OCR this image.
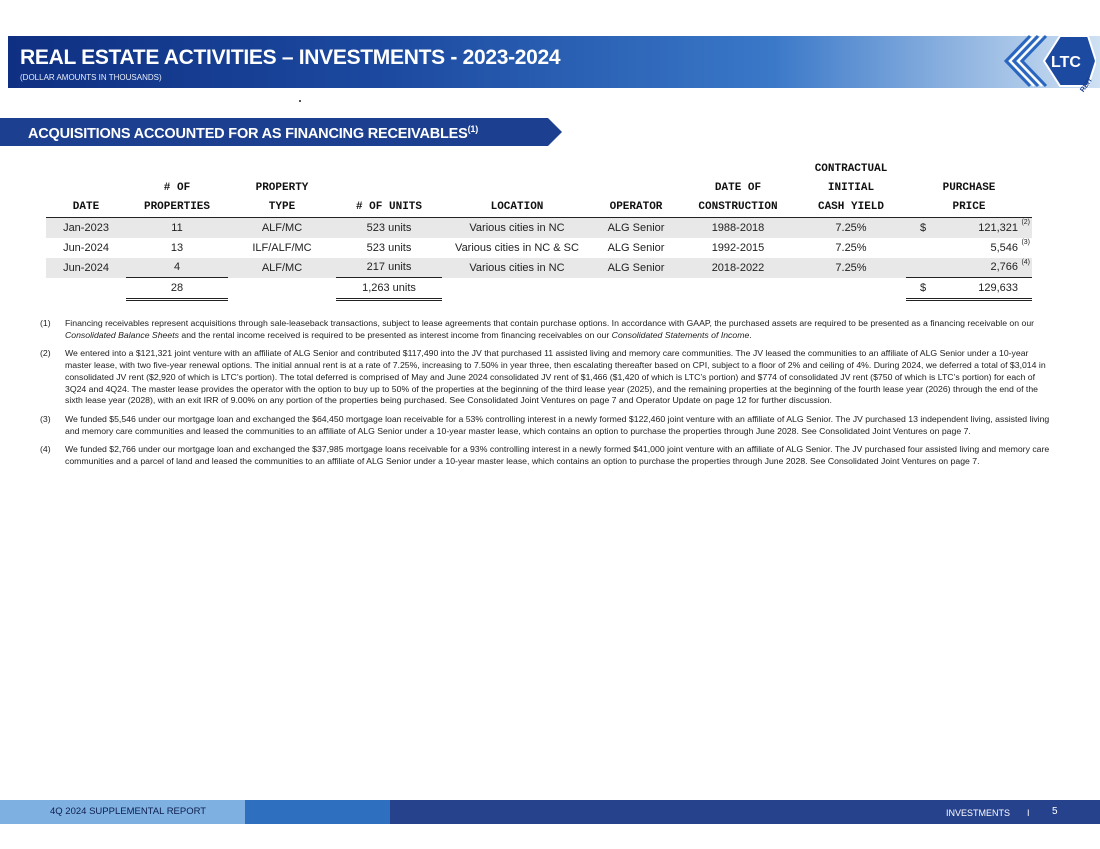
REAL ESTATE ACTIVITIES – INVESTMENTS - 2023-2024
(DOLLAR AMOUNTS IN THOUSANDS)
LTC
REIT
ACQUISITIONS ACCOUNTED FOR AS FINANCING RECEIVABLES$^{(1)}$
							CONTRACTUAL	
	# OF	PROPERTY				DATE OF	INITIAL	PURCHASE
DATE	PROPERTIES	TYPE	# OF UNITS	LOCATION	OPERATOR	CONSTRUCTION	CASH YIELD	PRICE
Jan-2023	11	ALF/MC	523 units	Various cities in NC	ALG Senior	1988-2018	7.25%	$ 121,321 (2)

Jun-2024	13	ILF/ALF/MC	523 units	Various cities in NC & SC	ALG Senior	1992-2015	7.25%	5,546 (3)

Jun-2024	4	ALF/MC	217 units	Various cities in NC	ALG Senior	2018-2022	7.25%	2,766 (4)

	28		1,263 units					$ 129,633
(1)	Financing receivables represent acquisitions through sale-leaseback transactions, subject to lease agreements that contain purchase options. In accordance with GAAP, the purchased assets are required to be presented as a financing receivable on our Consolidated Balance Sheets and the rental income received is required to be presented as interest income from financing receivables on our Consolidated Statements of Income.
(2)	We entered into a $121,321 joint venture with an affiliate of ALG Senior and contributed $117,490 into the JV that purchased 11 assisted living and memory care communities. The JV leased the communities to an affiliate of ALG Senior under a 10-year master lease, with two five-year renewal options. The initial annual rent is at a rate of 7.25%, increasing to 7.50% in year three, then escalating thereafter based on CPI, subject to a floor of 2% and ceiling of 4%. During 2024, we deferred a total of $3,014 in consolidated JV rent ($2,920 of which is LTC’s portion). The total deferred is comprised of May and June 2024 consolidated JV rent of $1,466 ($1,420 of which is LTC’s portion) and $774 of consolidated JV rent ($750 of which is LTC’s portion) for each of 3Q24 and 4Q24. The master lease provides the operator with the option to buy up to 50% of the properties at the beginning of the third lease year (2025), and the remaining properties at the beginning of the fourth lease year (2026) through the end of the sixth lease year (2028), with an exit IRR of 9.00% on any portion of the properties being purchased. See Consolidated Joint Ventures on page 7 and Operator Update on page 12 for further discussion.
(3)	We funded $5,546 under our mortgage loan and exchanged the $64,450 mortgage loan receivable for a 53% controlling interest in a newly formed $122,460 joint venture with an affiliate of ALG Senior. The JV purchased 13 independent living, assisted living and memory care communities and leased the communities to an affiliate of ALG Senior under a 10-year master lease, which contains an option to purchase the properties through June 2028. See Consolidated Joint Ventures on page 7.
(4)	We funded $2,766 under our mortgage loan and exchanged the $37,985 mortgage loans receivable for a 93% controlling interest in a newly formed $41,000 joint venture with an affiliate of ALG Senior. The JV purchased four assisted living and memory care communities and a parcel of land and leased the communities to an affiliate of ALG Senior under a 10-year master lease, which contains an option to purchase the properties through June 2028. See Consolidated Joint Ventures on page 7.
4Q 2024 SUPPLEMENTAL REPORT	INVESTMENTS I 5
